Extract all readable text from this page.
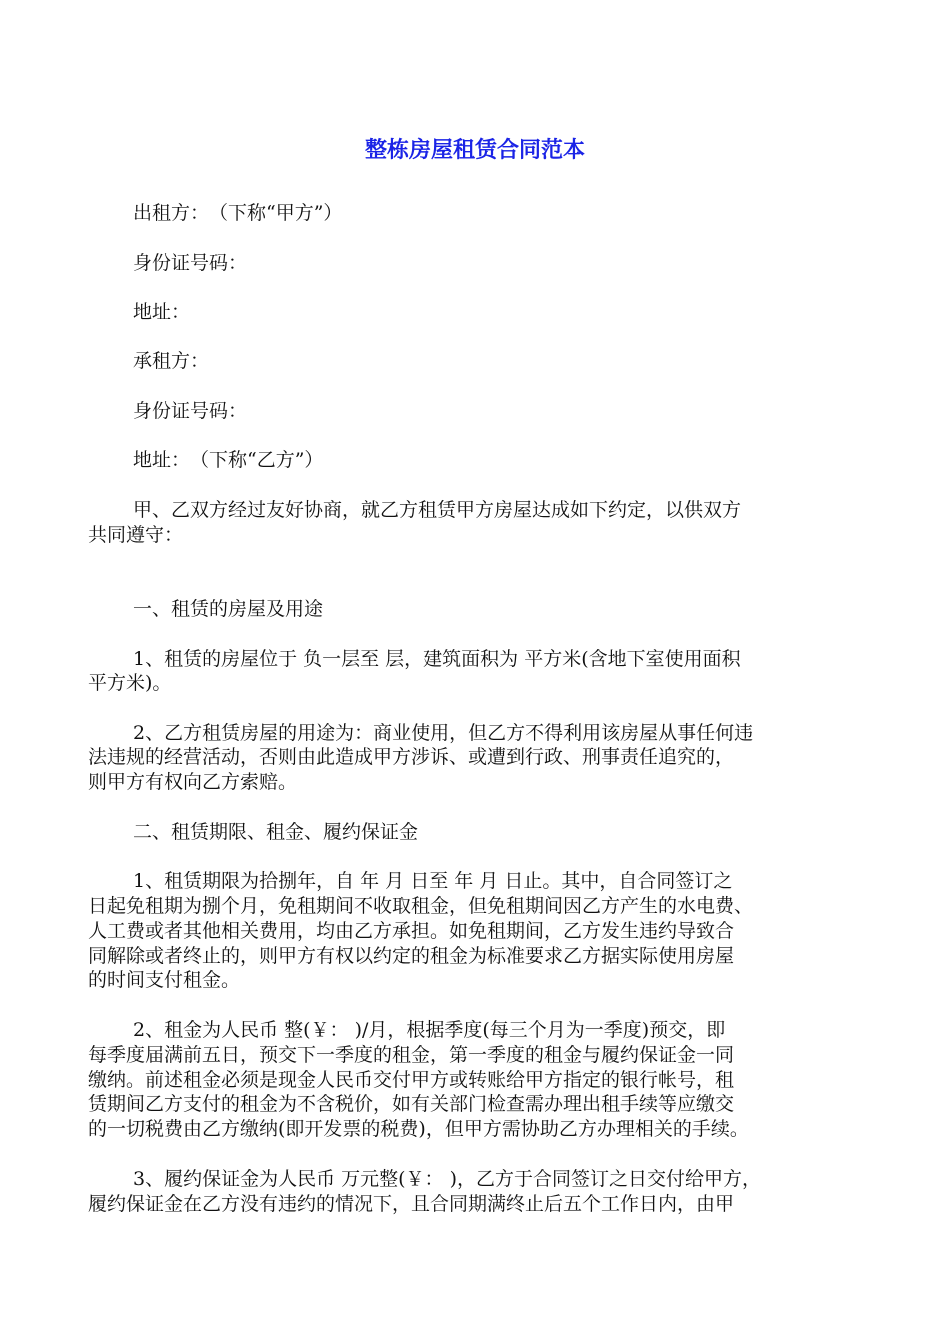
整栋房屋租赁合同范本

出租方：　（下称“甲方”）

身份证号码：

地址：

承租方：

身份证号码：

地址：　（下称“乙方”）

甲、乙双方经过友好协商，就乙方租赁甲方房屋达成如下约定，以供双方

共同遵守：

一、租赁的房屋及用途

1、租赁的房屋位于 负一层至 层，建筑面积为 平方米(含地下室使用面积

平方米)。

2、乙方租赁房屋的用途为：商业使用，但乙方不得利用该房屋从事任何违

法违规的经营活动，否则由此造成甲方涉诉、或遭到行政、刑事责任追究的，

则甲方有权向乙方索赔。

二、租赁期限、租金、履约保证金

1、租赁期限为拾捌年，自 年 月 日至 年 月 日止。其中，自合同签订之

日起免租期为捌个月，免租期间不收取租金，但免租期间因乙方产生的水电费、

人工费或者其他相关费用，均由乙方承担。如免租期间，乙方发生违约导致合

同解除或者终止的，则甲方有权以约定的租金为标准要求乙方据实际使用房屋

的时间支付租金。

2、租金为人民币 整(￥： )/月，根据季度(每三个月为一季度)预交，即

每季度届满前五日，预交下一季度的租金，第一季度的租金与履约保证金一同

缴纳。前述租金必须是现金人民币交付甲方或转账给甲方指定的银行帐号，租

赁期间乙方支付的租金为不含税价，如有关部门检查需办理出租手续等应缴交

的一切税费由乙方缴纳(即开发票的税费)，但甲方需协助乙方办理相关的手续。

3、履约保证金为人民币 万元整(￥： )，乙方于合同签订之日交付给甲方，

履约保证金在乙方没有违约的情况下，且合同期满终止后五个工作日内，由甲
